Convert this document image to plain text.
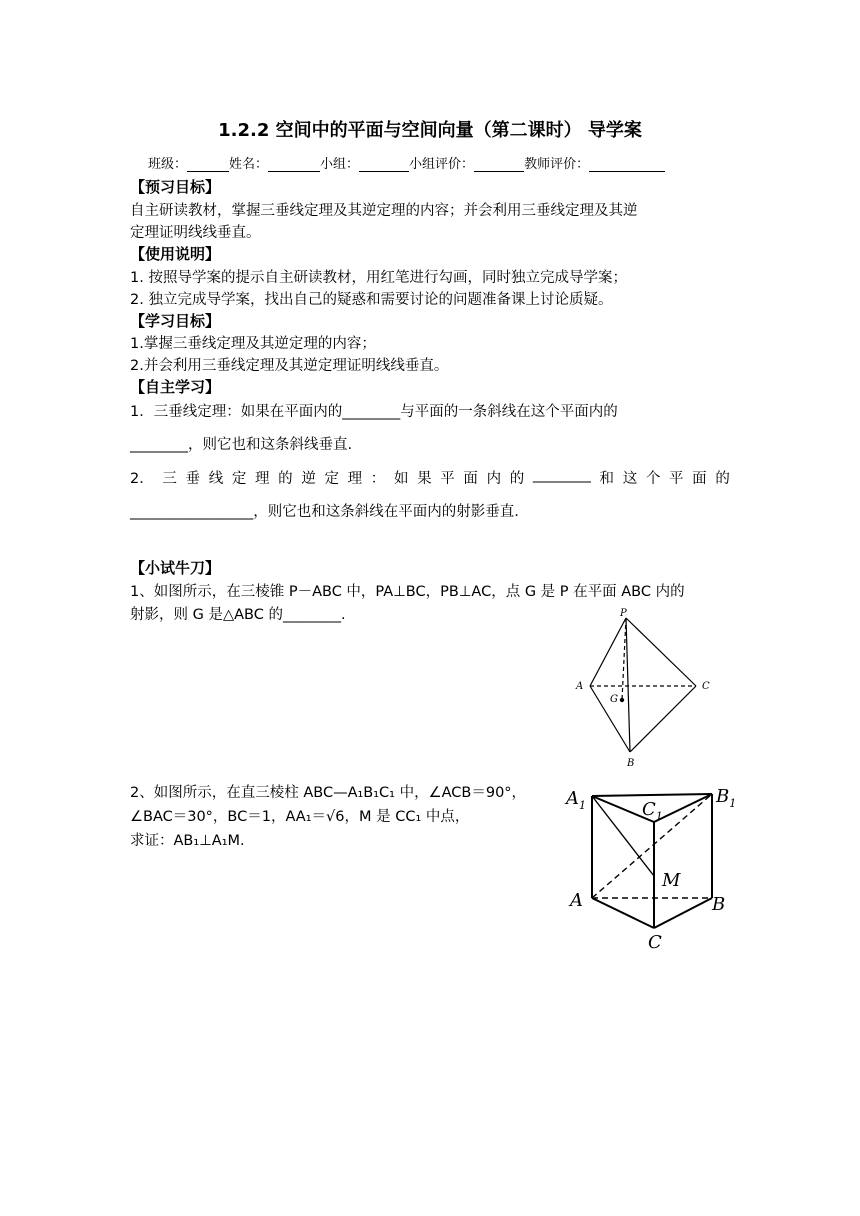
1.2.2 空间中的平面与空间向量（第二课时） 导学案
班级：	姓名：	小组：	小组评价：	教师评价：
【预习目标】
自主研读教材，掌握三垂线定理及其逆定理的内容；并会利用三垂线定理及其逆
定理证明线线垂直。
【使用说明】
1. 按照导学案的提示自主研读教材，用红笔进行勾画，同时独立完成导学案；
2. 独立完成导学案，找出自己的疑惑和需要讨论的问题准备课上讨论质疑。
【学习目标】
1.掌握三垂线定理及其逆定理的内容；
2.并会利用三垂线定理及其逆定理证明线线垂直。
【自主学习】
1．三垂线定理：如果在平面内的________与平面的一条斜线在这个平面内的
________，则它也和这条斜线垂直.
2． 三 垂 线 定 理 的 逆 定 理 ： 如 果 平 面 内 的 ________ 和 这 个 平 面 的
_________________，则它也和这条斜线在平面内的射影垂直.
【小试牛刀】
1、如图所示，在三棱锥 P－ABC 中，PA⊥BC，PB⊥AC，点 G 是 P 在平面 ABC 内的
射影，则 G 是△ABC 的________.	P
A	C
G
B
2、如图所示，在直三棱柱 ABC—A₁B₁C₁ 中，∠ACB＝90°，
∠BAC＝30°，BC＝1，AA₁＝√6，M 是 CC₁ 中点，
求证：AB₁⊥A₁M.
$A_1$	$C_1$
$B_1$
A	B
C
M
